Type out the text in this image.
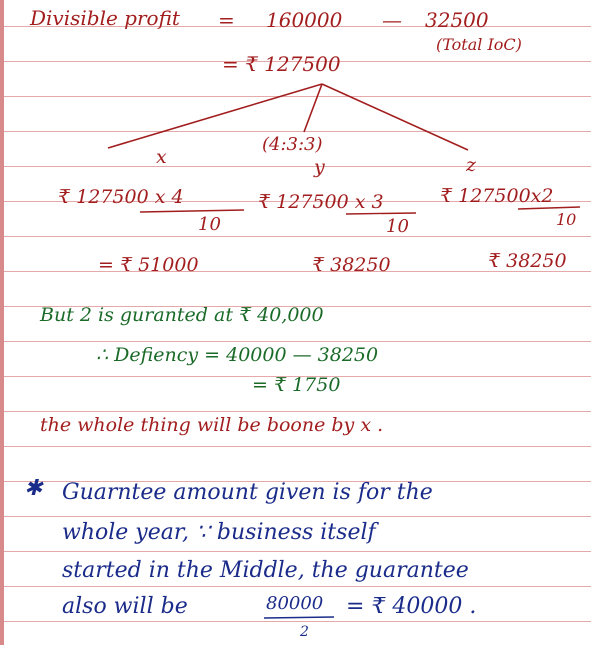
Divisible profit = 160000 — 32500
(Total IoC)
= ₹ 127500
(4:3:3)
x	y	z
₹ 127500 x 4
10
₹ 127500 x 3
10
₹ 127500x2
10
= ₹ 51000	₹ 38250	₹ 38250
But 2 is guranted at ₹ 40,000
∴ Defiency = 40000 — 38250
= ₹ 1750
the whole thing will be boone by x .
✱ Guarntee amount given is for the
whole year, ∵ business itself
started in the Middle, the guarantee
also will be	80000
2
= ₹ 40000 .
